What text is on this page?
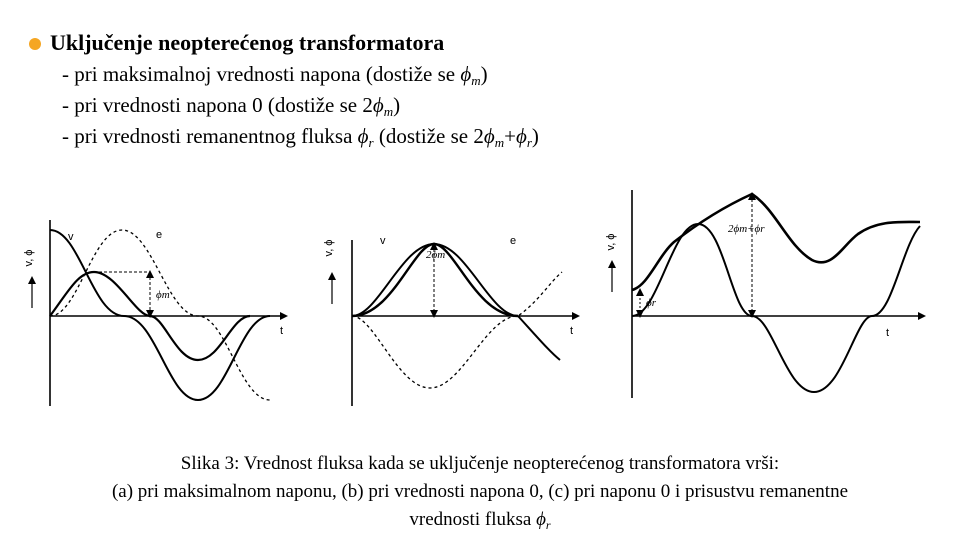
Uključenje neopterećenog transformatora
- pri maksimalnoj vrednosti napona (dostiže se $\phi_m$)
- pri vrednosti napona 0 (dostiže se $2\phi_m$)
- pri vrednosti remanentnog fluksa $\phi_r$ (dostiže se $2\phi_m+\phi_r$)
v, ϕ
v	e
ϕm
t
v, ϕ	v	e
2ϕm
t
v, ϕ
2ϕm+ϕr
ϕr
t
Slika 3: Vrednost fluksa kada se uključenje neopterećenog transformatora vrši:
(a) pri maksimalnom naponu, (b) pri vrednosti napona 0, (c) pri naponu 0 i prisustvu remanentne
vrednosti fluksa $\phi_r$
